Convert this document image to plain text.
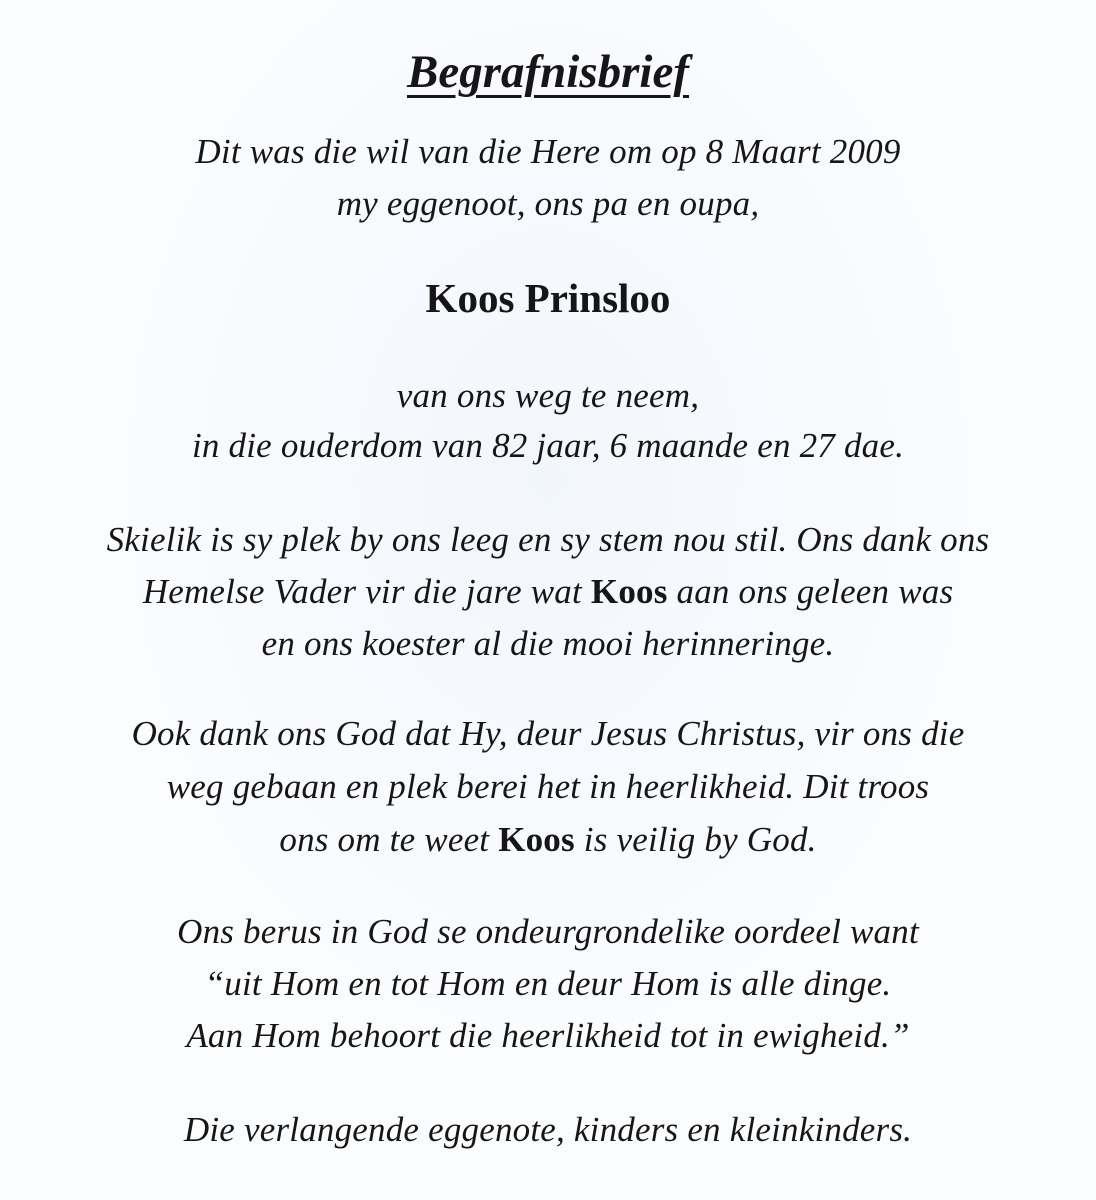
Begrafnisbrief
Dit was die wil van die Here om op 8 Maart 2009
my eggenoot, ons pa en oupa,
Koos Prinsloo
van ons weg te neem,
in die ouderdom van 82 jaar, 6 maande en 27 dae.
Skielik is sy plek by ons leeg en sy stem nou stil. Ons dank ons
Hemelse Vader vir die jare wat Koos aan ons geleen was
en ons koester al die mooi herinneringe.
Ook dank ons God dat Hy, deur Jesus Christus, vir ons die
weg gebaan en plek berei het in heerlikheid. Dit troos
ons om te weet Koos is veilig by God.
Ons berus in God se ondeurgrondelike oordeel want
“uit Hom en tot Hom en deur Hom is alle dinge.
Aan Hom behoort die heerlikheid tot in ewigheid.”
Die verlangende eggenote, kinders en kleinkinders.
